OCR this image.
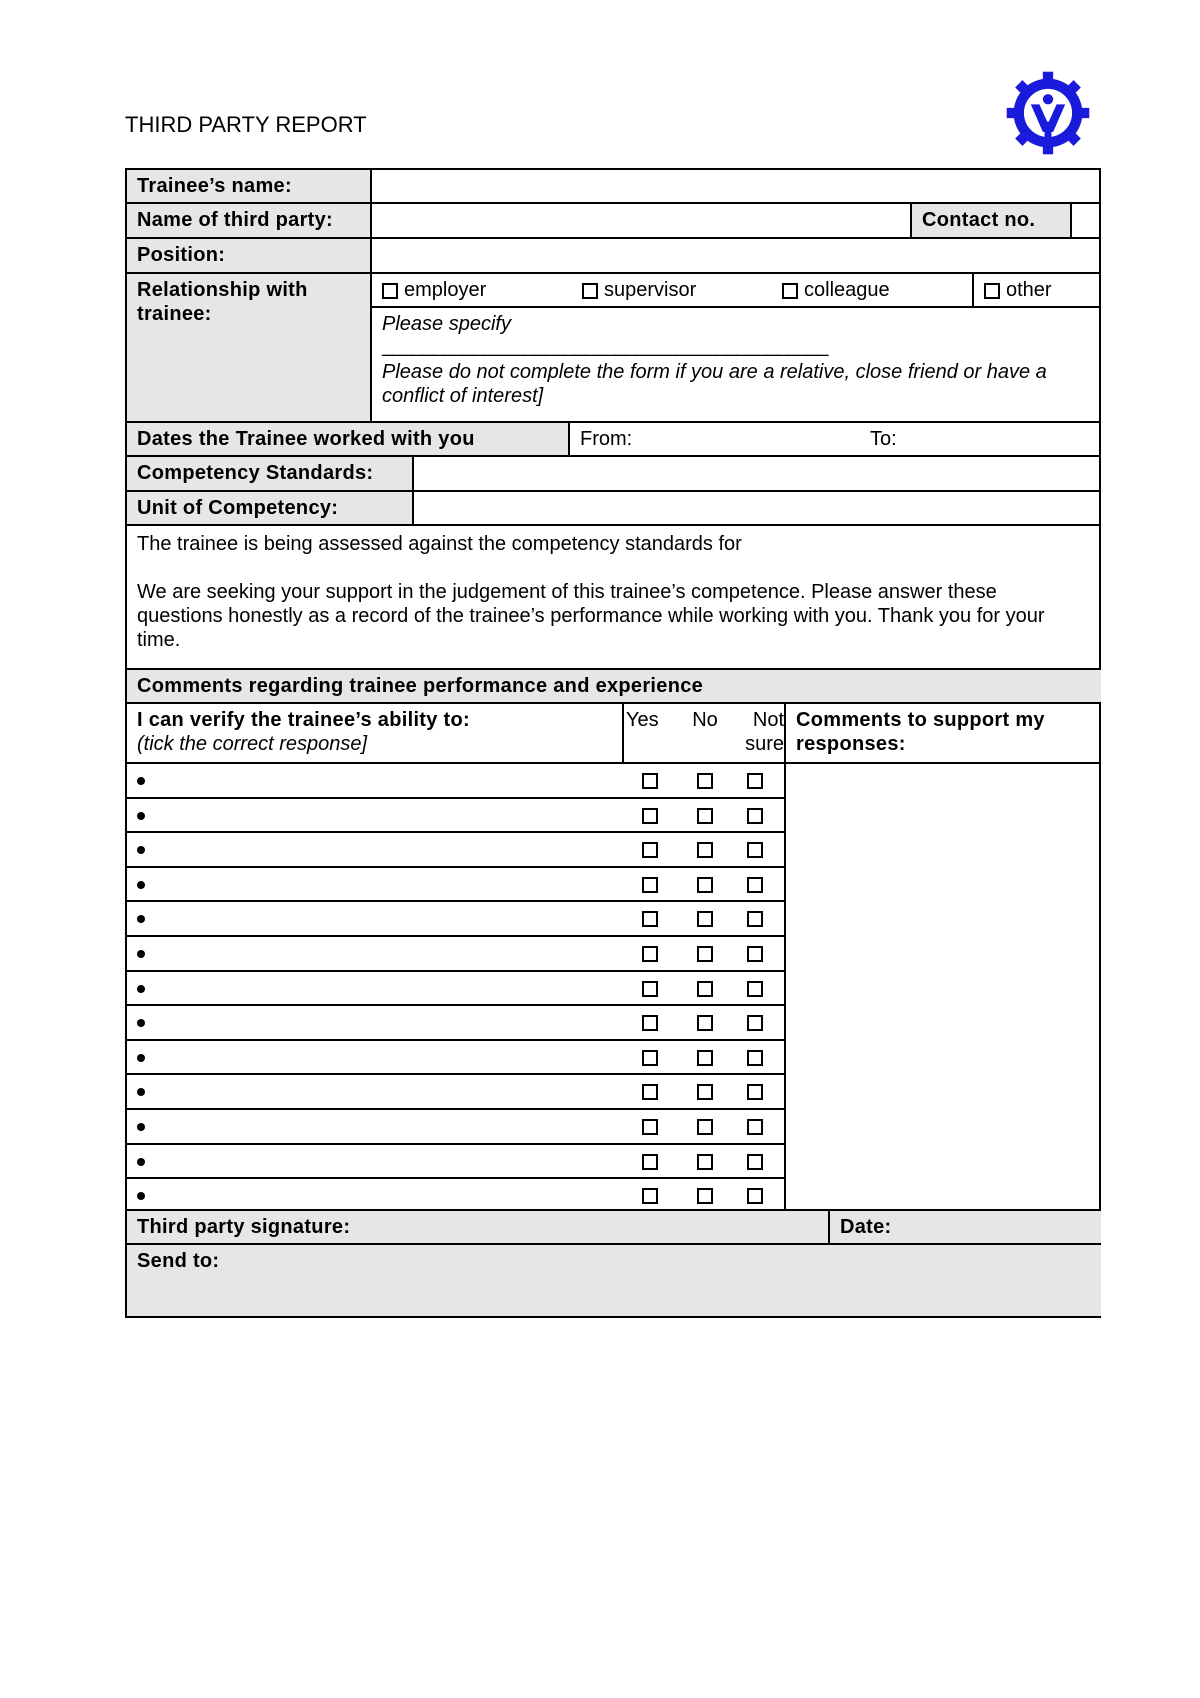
THIRD PARTY REPORT
Trainee’s name:
Name of third party:	Contact no.
Position:
Relationship with trainee:
employer	supervisor	colleague	other
Please specify
____________________________________________
Please do not complete the form if you are a relative, close friend or have a conflict of interest]
Dates the Trainee worked with you	From:	To:
Competency Standards:
Unit of Competency:
The trainee is being assessed against the competency standards for
We are seeking your support in the judgement of this trainee’s competence. Please answer these questions honestly as a record of the trainee’s performance while working with you. Thank you for your time.
Comments regarding trainee performance and experience
I can verify the trainee’s ability to:
(tick the correct response]
Yes	No	Not
sure
Comments to support my responses:
Third party signature:	Date:
Send to:
